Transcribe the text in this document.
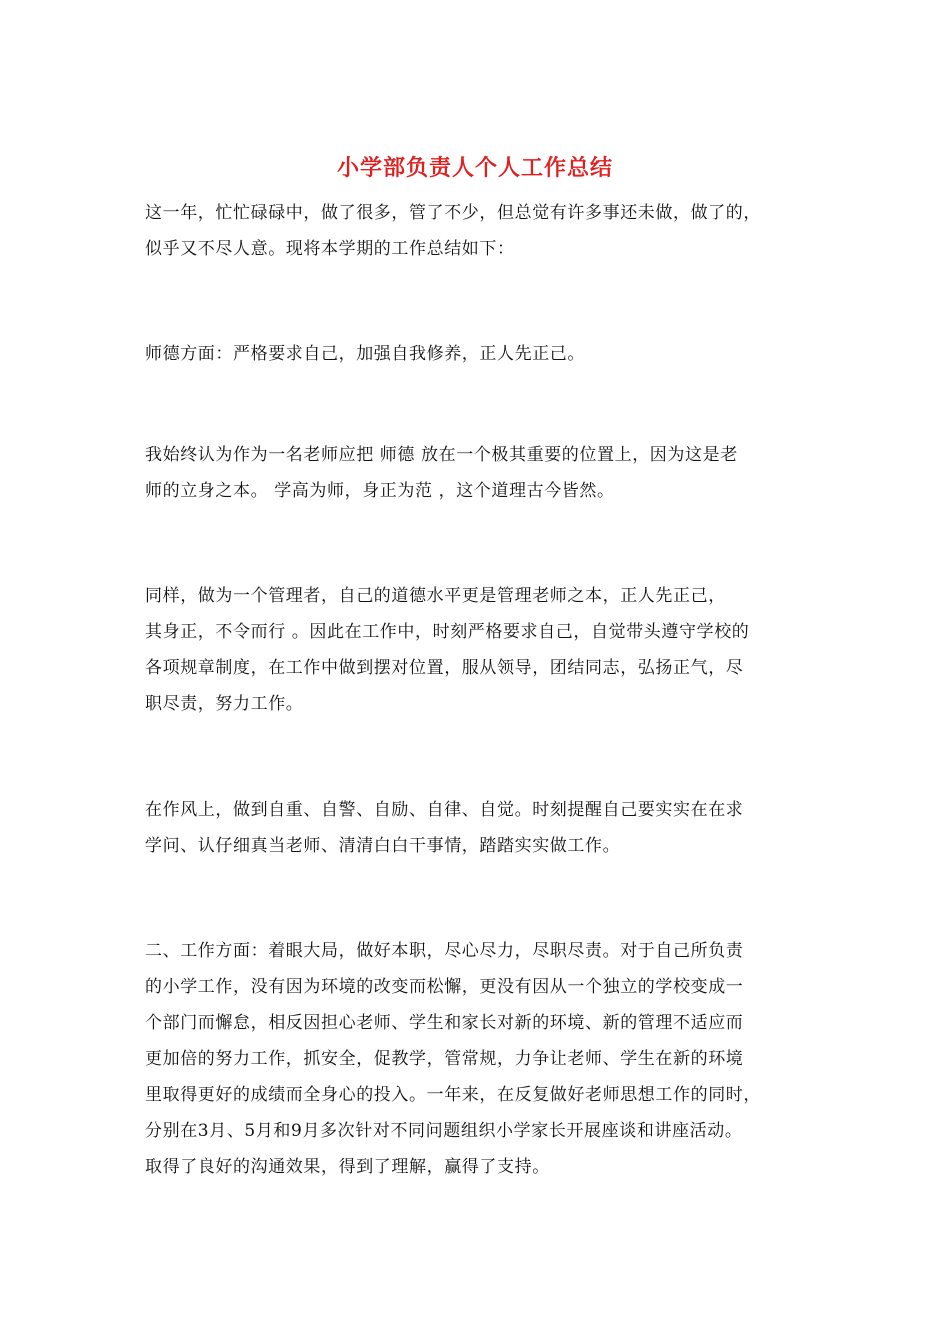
小学部负责人个人工作总结
这一年，忙忙碌碌中，做了很多，管了不少，但总觉有许多事还未做，做了的，
似乎又不尽人意。现将本学期的工作总结如下：
师德方面：严格要求自己，加强自我修养，正人先正己。
我始终认为作为一名老师应把 师德 放在一个极其重要的位置上，因为这是老
师的立身之本。 学高为师，身正为范 ，这个道理古今皆然。
同样，做为一个管理者，自己的道德水平更是管理老师之本，正人先正己，
其身正，不令而行 。因此在工作中，时刻严格要求自己，自觉带头遵守学校的
各项规章制度，在工作中做到摆对位置，服从领导，团结同志，弘扬正气，尽
职尽责，努力工作。
在作风上，做到自重、自警、自励、自律、自觉。时刻提醒自己要实实在在求
学问、认仔细真当老师、清清白白干事情，踏踏实实做工作。
二、工作方面：着眼大局，做好本职，尽心尽力，尽职尽责。对于自己所负责
的小学工作，没有因为环境的改变而松懈，更没有因从一个独立的学校变成一
个部门而懈怠，相反因担心老师、学生和家长对新的环境、新的管理不适应而
更加倍的努力工作，抓安全，促教学，管常规，力争让老师、学生在新的环境
里取得更好的成绩而全身心的投入。一年来，在反复做好老师思想工作的同时，
分别在3月、5月和9月多次针对不同问题组织小学家长开展座谈和讲座活动。
取得了良好的沟通效果，得到了理解，赢得了支持。
